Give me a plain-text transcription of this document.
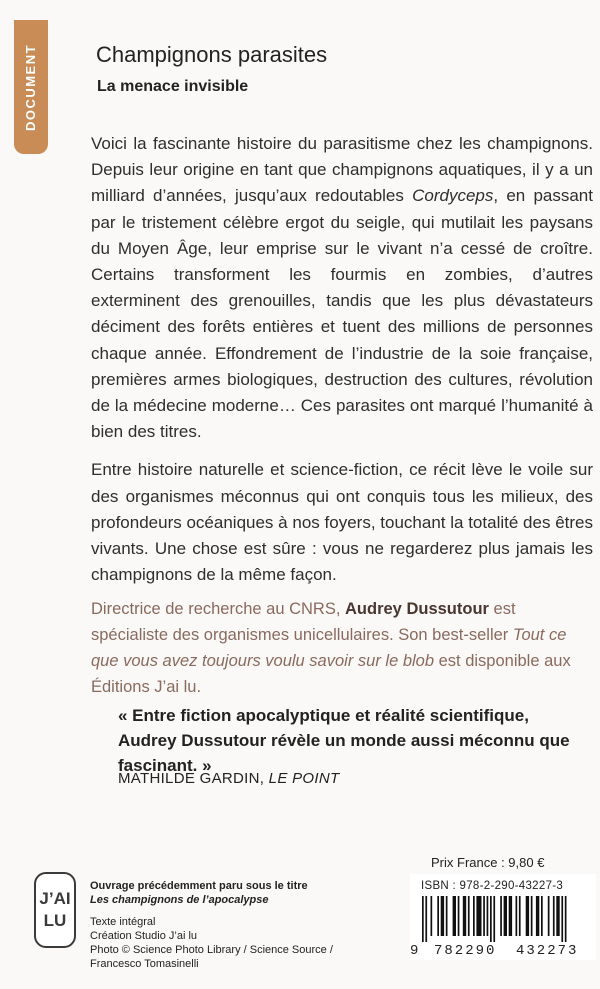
DOCUMENT	Champignons parasites
La menace invisible

Voici la fascinante histoire du parasitisme chez les champignons. Depuis leur origine en tant que champignons aquatiques, il y a un milliard d’années, jusqu’aux redoutables Cordyceps, en passant par le tristement célèbre ergot du seigle, qui mutilait les paysans du Moyen Âge, leur emprise sur le vivant n’a cessé de croître. Certains transforment les fourmis en zombies, d’autres exterminent des grenouilles, tandis que les plus dévastateurs déciment des forêts entières et tuent des millions de personnes chaque année. Effondrement de l’industrie de la soie française, premières armes biologiques, destruction des cultures, révolution de la médecine moderne… Ces parasites ont marqué l’humanité à bien des titres.

Entre histoire naturelle et science-fiction, ce récit lève le voile sur des organismes méconnus qui ont conquis tous les milieux, des profondeurs océaniques à nos foyers, touchant la totalité des êtres vivants. Une chose est sûre : vous ne regarderez plus jamais les champignons de la même façon.

Directrice de recherche au CNRS, Audrey Dussutour est spécialiste des organismes unicellulaires. Son best-seller Tout ce que vous avez toujours voulu savoir sur le blob est disponible aux Éditions J’ai lu.
« Entre fiction apocalyptique et réalité scientifique, Audrey Dussutour révèle un monde aussi méconnu que fascinant. »
MATHILDE GARDIN, LE POINT
J’AI
LU
Ouvrage précédemment paru sous le titre
Les champignons de l’apocalypse
Texte intégral
Création Studio J’ai lu
Photo © Science Photo Library / Science Source /
Francesco Tomasinelli
Prix France : 9,80 €
ISBN : 978-2-290-43227-3
9 782290 432273
